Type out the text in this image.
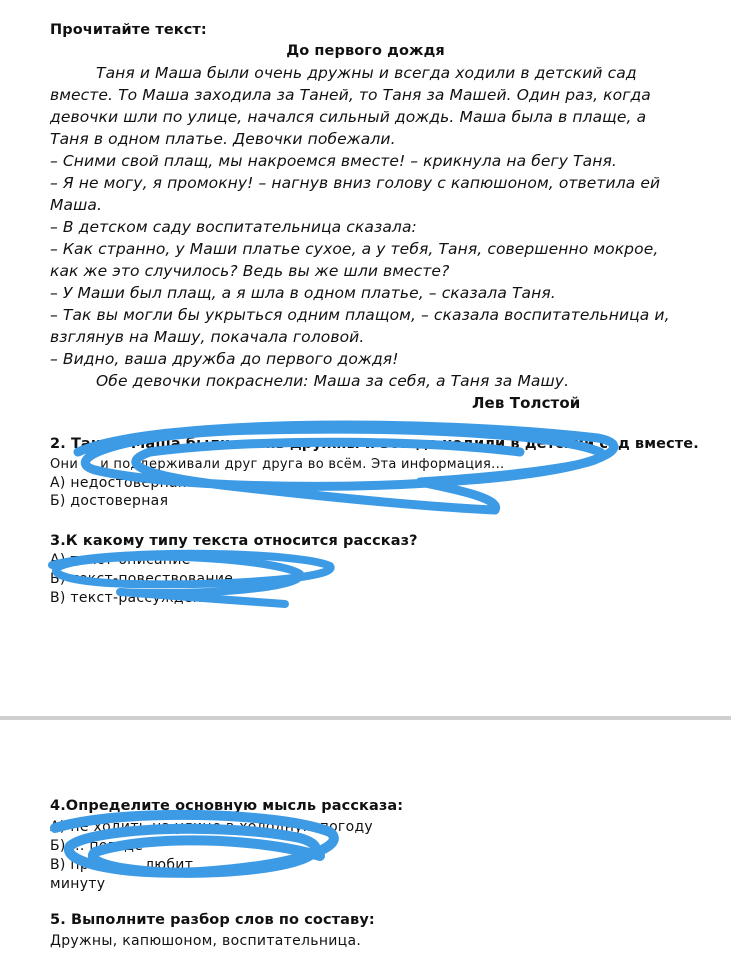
Прочитайте текст:
До первого дождя
Таня и Маша были очень дружны и всегда ходили в детский сад
вместе. То Маша заходила за Таней, то Таня за Машей. Один раз, когда
девочки шли по улице, начался сильный дождь. Маша была в плаще, а
Таня в одном платье. Девочки побежали.
– Сними свой плащ, мы накроемся вместе! – крикнула на бегу Таня.
– Я не могу, я промокну! – нагнув вниз голову с капюшоном, ответила ей
Маша.
– В детском саду воспитательница сказала:
– Как странно, у Маши платье сухое, а у тебя, Таня, совершенно мокрое,
как же это случилось? Ведь вы же шли вместе?
– У Маши был плащ, а я шла в одном платье, – сказала Таня.
– Так вы могли бы укрыться одним плащом, – сказала воспитательница и,
взглянув на Машу, покачала головой.
– Видно, ваша дружба до первого дождя!
Обе девочки покраснели: Маша за себя, а Таня за Машу.
Лев Толстой
2. Таня и Маша были очень дружны и всегда ходили в детский сад вместе.
Они ... и поддерживали друг друга во всём. Эта информация...
А) недостоверная
Б) достоверная
3.К какому типу текста относится рассказ?
А) текст-описание
Б) текст-повествование
В) текст-рассуждение
4.Определите основную мысль рассказа:
А) не ходить на улице в холодную погоду
Б) ... погоде
В) прих... ... любит
минуту
5. Выполните разбор слов по составу:
Дружны, капюшоном, воспитательница.
